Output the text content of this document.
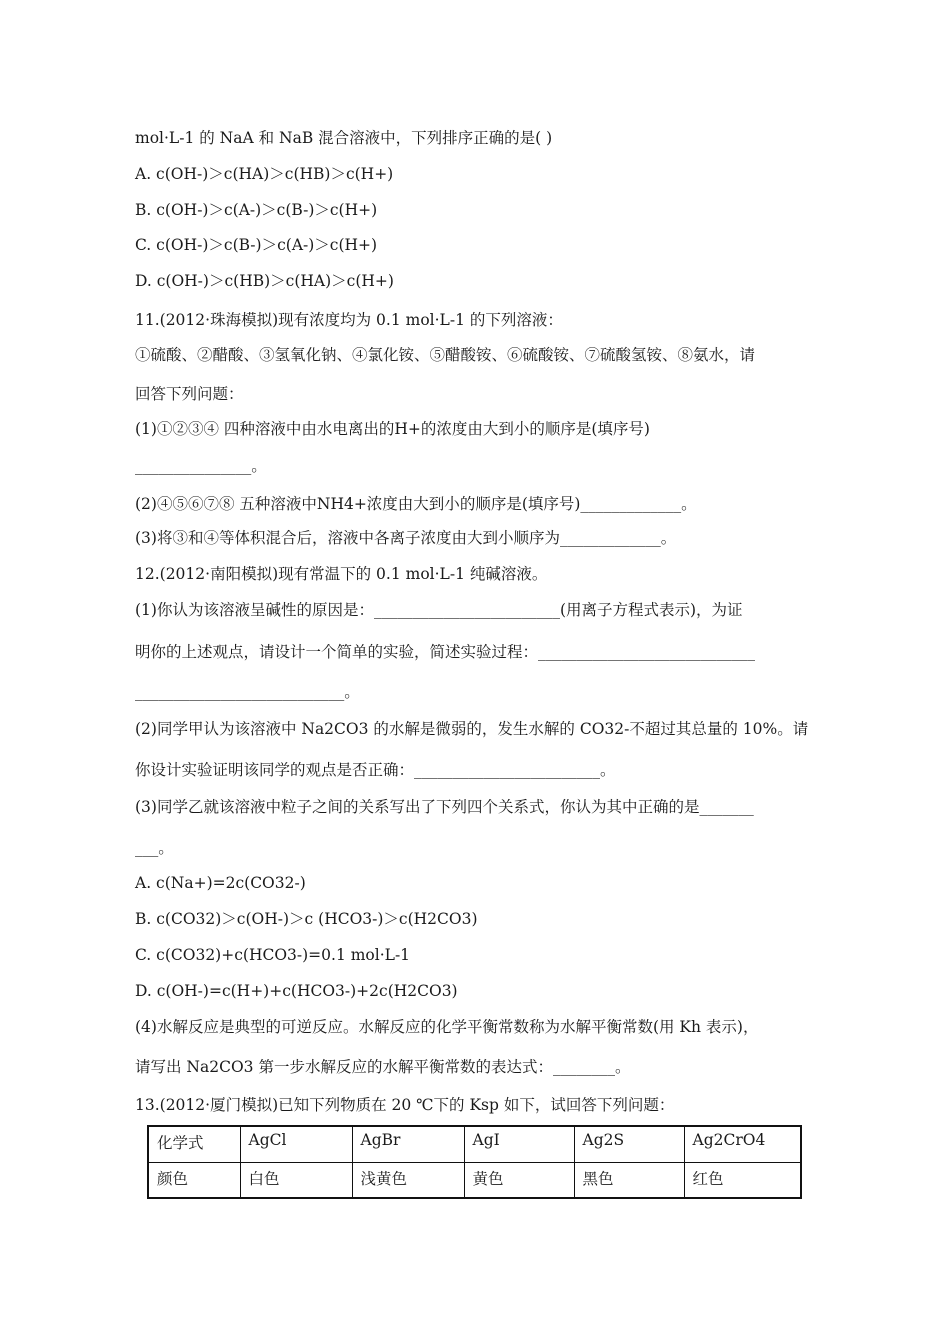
mol·L-1 的 NaA 和 NaB 混合溶液中，下列排序正确的是( )
A. c(OH-)＞c(HA)＞c(HB)＞c(H+)
B. c(OH-)＞c(A-)＞c(B-)＞c(H+)
C. c(OH-)＞c(B-)＞c(A-)＞c(H+)
D. c(OH-)＞c(HB)＞c(HA)＞c(H+)
11.(2012·珠海模拟)现有浓度均为 0.1 mol·L-1 的下列溶液：
①硫酸、②醋酸、③氢氧化钠、④氯化铵、⑤醋酸铵、⑥硫酸铵、⑦硫酸氢铵、⑧氨水，请
回答下列问题：
(1)①②③④ 四种溶液中由水电离出的H+的浓度由大到小的顺序是(填序号)
_______________。
(2)④⑤⑥⑦⑧ 五种溶液中NH4+浓度由大到小的顺序是(填序号)_____________。
(3)将③和④等体积混合后，溶液中各离子浓度由大到小顺序为_____________。
12.(2012·南阳模拟)现有常温下的 0.1 mol·L-1 纯碱溶液。
(1)你认为该溶液呈碱性的原因是：________________________(用离子方程式表示)，为证
明你的上述观点，请设计一个简单的实验，简述实验过程：____________________________
___________________________。
(2)同学甲认为该溶液中 Na2CO3 的水解是微弱的，发生水解的 CO32-不超过其总量的 10%。请
你设计实验证明该同学的观点是否正确：________________________。
(3)同学乙就该溶液中粒子之间的关系写出了下列四个关系式，你认为其中正确的是_______
___。
A. c(Na+)=2c(CO32-)
B. c(CO32)＞c(OH-)＞c (HCO3-)＞c(H2CO3)
C. c(CO32)+c(HCO3-)=0.1 mol·L-1
D. c(OH-)=c(H+)+c(HCO3-)+2c(H2CO3)
(4)水解反应是典型的可逆反应。水解反应的化学平衡常数称为水解平衡常数(用 Kh 表示)，
请写出 Na2CO3 第一步水解反应的水解平衡常数的表达式：________。
13.(2012·厦门模拟)已知下列物质在 20 ℃下的 Ksp 如下，试回答下列问题：
化学式	AgCl	AgBr	AgI	Ag2S	Ag2CrO4
颜色	白色	浅黄色	黄色	黑色	红色
